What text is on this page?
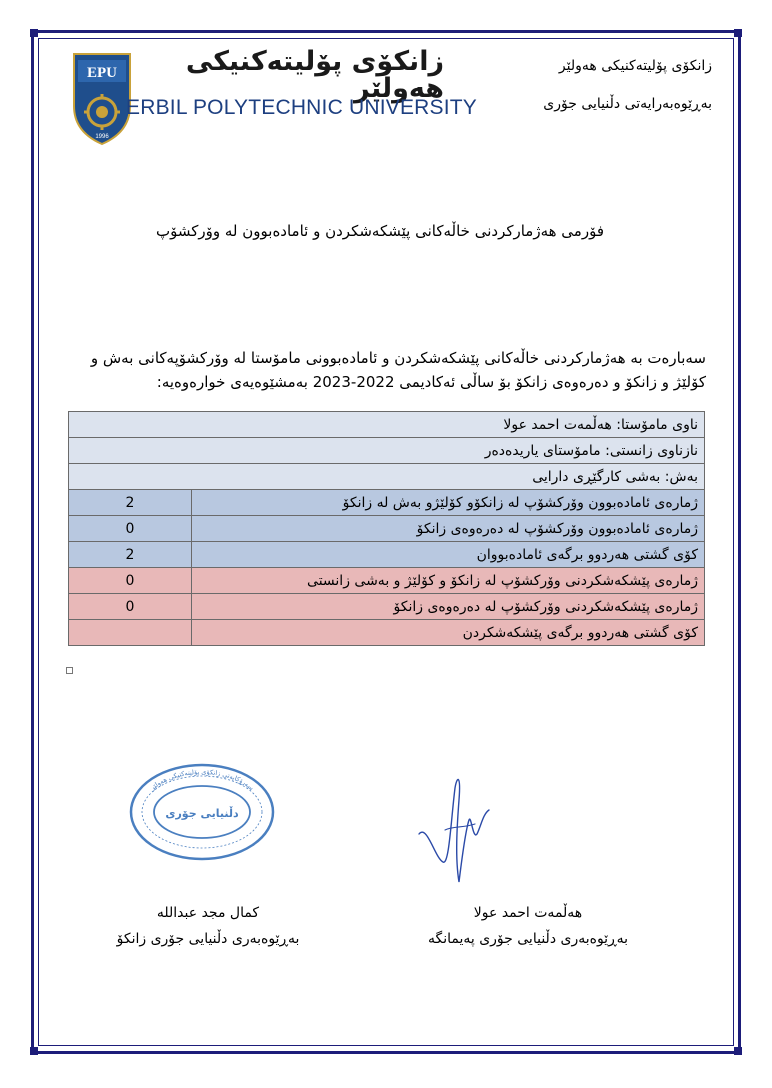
EPU
1996
زانکۆی پۆلیتەکنیکی هەولێر
ERBIL POLYTECHNIC UNIVERSITY
زانکۆی پۆلیتەکنیکی هەولێر
بەڕێوەبەرایەتی دڵنیایی جۆری
فۆرمی هەژمارکردنی خاڵەکانی پێشکەشکردن و ئامادەبوون لە وۆرکشۆپ

سەبارەت بە هەژمارکردنی خاڵەکانی پێشکەشکردن و ئامادەبوونی مامۆستا لە وۆرکشۆپەکانی بەش و

کۆلێژ و زانکۆ و دەرەوەی زانکۆ بۆ ساڵی ئەکادیمی 2022-2023 بەمشێوەیەی خوارەوەیە:

ناوی مامۆستا: هەڵمەت احمد عولا	
نازناوی زانستی: مامۆستای یاریدەدەر	
بەش: بەشی کارگێڕی دارایی	
ژمارەی ئامادەبوون وۆرکشۆپ لە زانکۆو کۆلێژو بەش لە زانکۆ	2
ژمارەی ئامادەبوون وۆرکشۆپ لە دەرەوەی زانکۆ	0
کۆی گشتی هەردوو برگەی ئامادەبووان	2
ژمارەی پێشکەشکردنی وۆرکشۆپ لە زانکۆ و کۆلێژ و بەشی زانستی	0
ژمارەی پێشکەشکردنی وۆرکشۆپ لە دەرەوەی زانکۆ	0
کۆی گشتی هەردوو برگەی پێشکەشکردن	
دڵنیایی جۆری
سەرۆکایەتی زانکۆی پۆلیتەکنیکی هەولێر
هەڵمەت احمد عولا
بەڕێوەبەری دڵنیایی جۆری پەیمانگە
کمال مجد عبدالله
بەڕێوەبەری دڵنیایی جۆری زانکۆ
